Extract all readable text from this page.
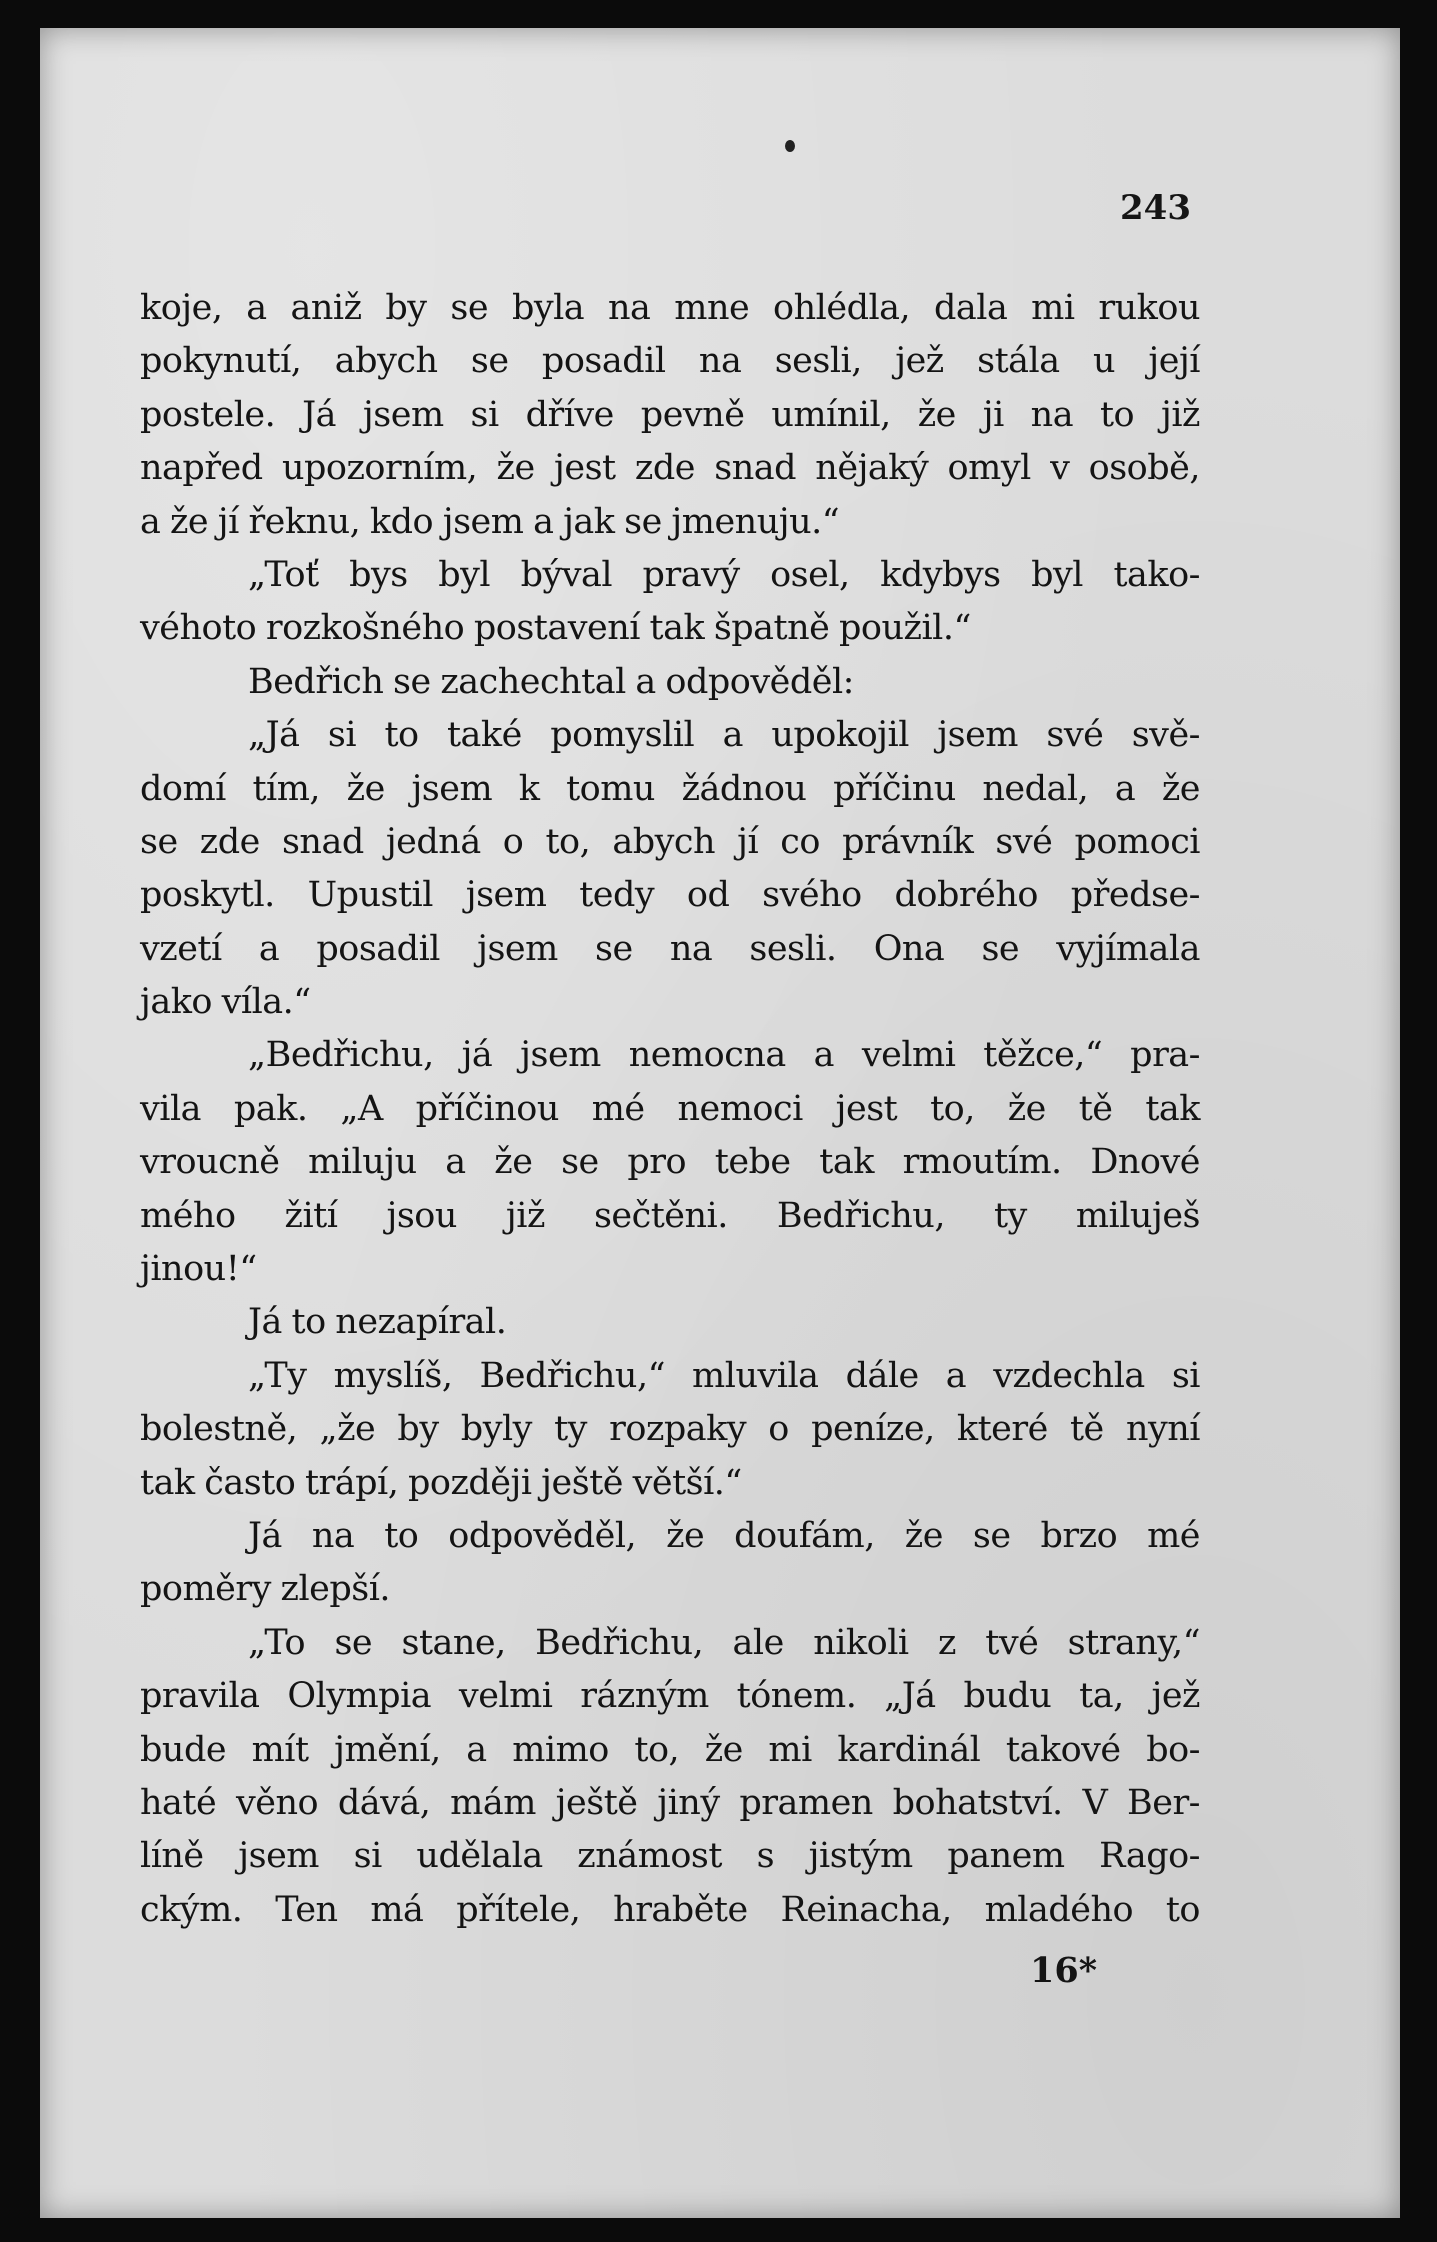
243
koje, a aniž by se byla na mne ohlédla, dala mi rukou
pokynutí, abych se posadil na sesli, jež stála u její
postele. Já jsem si dříve pevně umínil, že ji na to již
napřed upozorním, že jest zde snad nějaký omyl v osobě,
a že jí řeknu, kdo jsem a jak se jmenuju.“
„Toť bys byl býval pravý osel, kdybys byl tako-
véhoto rozkošného postavení tak špatně použil.“
Bedřich se zachechtal a odpověděl:
„Já si to také pomyslil a upokojil jsem své svě-
domí tím, že jsem k tomu žádnou příčinu nedal, a že
se zde snad jedná o to, abych jí co právník své pomoci
poskytl. Upustil jsem tedy od svého dobrého předse-
vzetí a posadil jsem se na sesli. Ona se vyjímala
jako víla.“
„Bedřichu, já jsem nemocna a velmi těžce,“ pra-
vila pak. „A příčinou mé nemoci jest to, že tě tak
vroucně miluju a že se pro tebe tak rmoutím. Dnové
mého žití jsou již sečtěni. Bedřichu, ty miluješ
jinou!“
Já to nezapíral.
„Ty myslíš, Bedřichu,“ mluvila dále a vzdechla si
bolestně, „že by byly ty rozpaky o peníze, které tě nyní
tak často trápí, později ještě větší.“
Já na to odpověděl, že doufám, že se brzo mé
poměry zlepší.
„To se stane, Bedřichu, ale nikoli z tvé strany,“
pravila Olympia velmi rázným tónem. „Já budu ta, jež
bude mít jmění, a mimo to, že mi kardinál takové bo-
haté věno dává, mám ještě jiný pramen bohatství. V Ber-
líně jsem si udělala známost s jistým panem Rago-
ckým. Ten má přítele, hraběte Reinacha, mladého to
16*
